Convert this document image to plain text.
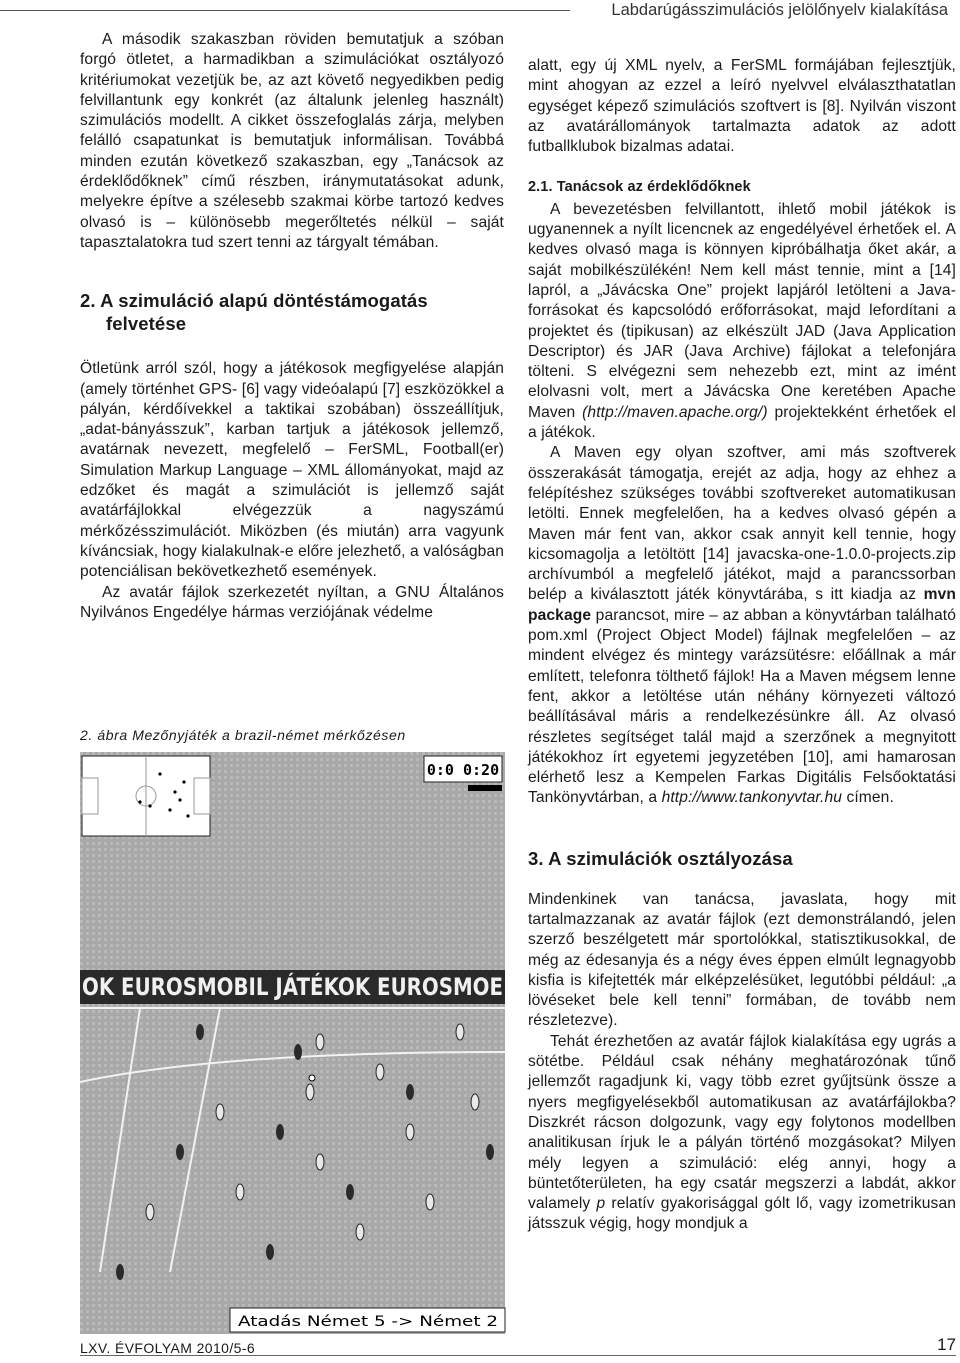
Labdarúgásszimulációs jelölőnyelv kialakítása

A második szakaszban röviden bemutatjuk a szóban forgó ötletet, a harmadikban a szimulációkat osztályozó kritériumokat vezetjük be, az azt követő negyedikben pedig felvillantunk egy konkrét (az általunk jelenleg használt) szimulációs modellt. A cikket összefoglalás zárja, melyben feláll​ó csapatunkat is bemutatjuk informálisan. Továbbá minden ezután következő szakaszban, egy „Tanácsok az érdeklődőknek” című részben, iránymutatásokat adunk, melyekre építve a szélesebb szakmai körbe tartozó kedves olvasó is – különösebb megerőltetés nélkül – saját tapasztalatokra tud szert tenni az tárgyalt témában.

2. A szimuláció alapú döntéstámogatás felvetése

Ötletünk arról szól, hogy a játékosok megfigyelése alapján (amely történhet GPS- [6] vagy videóalapú [7] eszközökkel a pályán, kérdőívekkel a taktikai szobában) összeállítjuk, „adat-bányásszuk”, karban tartjuk a játékosok jellemző, avatárnak nevezett, megfelelő – FerSML, Football(er) Simulation Markup Language – XML állományokat, majd az edzőket és magát a szimulációt is jellemző saját avatárfájlokkal elvégezzük a nagyszámú mérkőzésszimulációt. Miközben (és miután) arra vagyunk kíváncsiak, hogy kialakulnak-e előre jelezhető, a valóságban potenciálisan bekövetkezhető események.

Az avatár fájlok szerkezetét nyíltan, a GNU Általános Nyilvános Engedélye hármas verziójának védelme

2. ábra Mezőnyjáték a brazil-német mérkőzésen
0:0 0:20
OK EUROSMOBIL JÁTÉKOK EUROSMOE
Atadás Német 5 -> Német 2

alatt, egy új XML nyelv, a FerSML formájában fejlesztjük, mint ahogyan az ezzel a leíró nyelvvel elválaszthatatlan egységet képező szimulációs szoftvert is [8]. Nyilván viszont az avatárállományok tartalmazta adatok az adott futballklubok bizalmas adatai.

2.1. Tanácsok az érdeklődőknek

A bevezetésben felvillantott, ihlető mobil játékok is ugyanennek a nyílt licencnek az engedélyével érhetőek el. A kedves olvasó maga is könnyen kipróbálhatja őket akár, a saját mobilkészülékén! Nem kell mást tennie, mint a [14] lapról, a „Jávácska One” projekt lapjáról letölteni a Java-forrásokat és kapcsolódó erőforrásokat, majd lefordítani a projektet és (tipikusan) az elkészült JAD (Java Application Descriptor) és JAR (Java Archive) fájlokat a telefonjára tölteni. S elvégezni sem nehezebb ezt, mint az imént elolvasni volt, mert a Jávácska One keretében Apache Maven (http://maven.apache.org/) projektekként érhetőek el a játékok.

A Maven egy olyan szoftver, ami más szoftverek összerakását támogatja, erejét az adja, hogy az ehhez a felépítéshez szükséges további szoftvereket automatikusan letölti. Ennek megfelelően, ha a kedves olvasó gépén a Maven már fent van, akkor csak annyit kell tennie, hogy kicsomagolja a letöltött [14] javacska-one-1.0.0-projects.zip archívumból a megfelelő játékot, majd a parancssorban belép a kiválasztott játék könyvtárába, s itt kiadja az mvn package parancsot, mire – az abban a könyvtárban található pom.xml (Project Object Model) fájlnak megfelelően – az mindent elvégez és mintegy varázsütésre: előállnak a már említett, telefonra tölthető fájlok! Ha a Maven mégsem lenne fent, akkor a letöltése után néhány környezeti változó beállításával máris a rendelkezésünkre áll. Az olvasó részletes segítséget talál majd a szerzőnek a megnyitott játékokhoz írt egyetemi jegyzetében [10], ami hamarosan elérhető lesz a Kempelen Farkas Digitális Felsőoktatási Tankönyvtárban, a http://www.tankonyvtar.hu címen.

3. A szimulációk osztályozása

Mindenkinek van tanácsa, javaslata, hogy mit tartalmazzanak az avatár fájlok (ezt demonstrálandó, jelen szerző beszélgetett már sportolókkal, statisztikusokkal, de még az édesanyja és a négy éves éppen elmúlt legnagyobb kisfia is kifejtették már elképzelésüket, legutóbbi például: „a lövéseket bele kell tenni” formában, de tovább nem részletezve).

Tehát érezhetően az avatár fájlok kialakítása egy ugrás a sötétbe. Például csak néhány meghatározónak tűnő jellemzőt ragadjunk ki, vagy több ezret gyűjtsünk össze a nyers megfigyelésekből automatikusan az avatárfájlokba? Diszkrét rácson dolgozunk, vagy egy folytonos modellben analitikusan írjuk le a pályán történő mozgásokat? Milyen mély legyen a szimuláció: elég annyi, hogy a büntetőterületen, ha egy csatár megszerzi a labdát, akkor valamely p relatív gyakorisággal gólt lő, vagy izometrikusan játsszuk végig, hogy mondjuk a

LXV. ÉVFOLYAM 2010/5-6	17
